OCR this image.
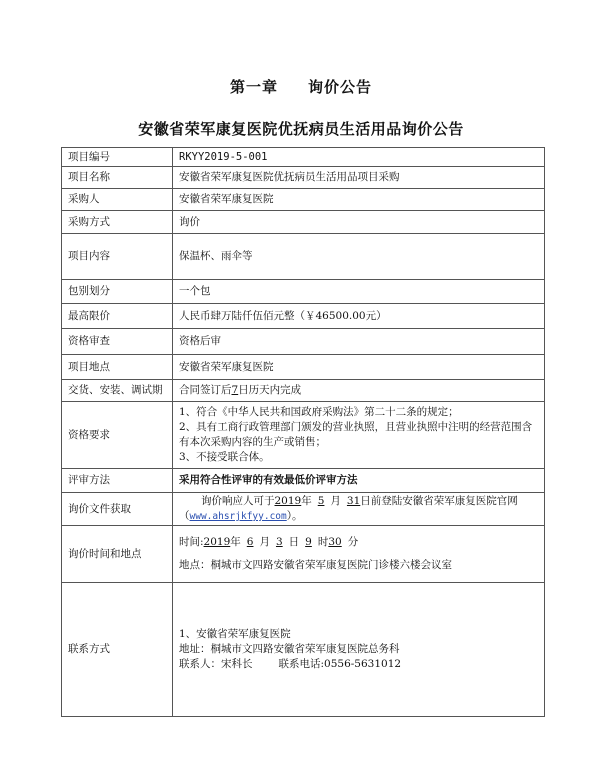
第一章 询价公告
安徽省荣军康复医院优抚病员生活用品询价公告
项目编号	RKYY2019-5-001
项目名称	安徽省荣军康复医院优抚病员生活用品项目采购
采购人	安徽省荣军康复医院
采购方式	询价
项目内容	保温杯、雨伞等
包别划分	一个包
最高限价	人民币肆万陆仟伍佰元整（￥46500.00元）
资格审查	资格后审
项目地点	安徽省荣军康复医院
交货、安装、调试期	合同签订后7日历天内完成
资格要求	1、符合《中华人民共和国政府采购法》第二十二条的规定；
2、具有工商行政管理部门颁发的营业执照，且营业执照中注明的经营范围含有本次采购内容的生产或销售；
3、不接受联合体。

评审方法	采用符合性评审的有效最低价评审方法
询价文件获取	询价响应人可于2019年 5 月 31日前登陆安徽省荣军康复医院官网
（www.ahsrjkfyy.com）。

询价时间和地点	时间:2019年 6 月 3 日 9 时30 分
地点：桐城市文四路安徽省荣军康复医院门诊楼六楼会议室

联系方式	1、安徽省荣军康复医院
地址：桐城市文四路安徽省荣军康复医院总务科
联系人：宋科长 联系电话:0556-5631012
